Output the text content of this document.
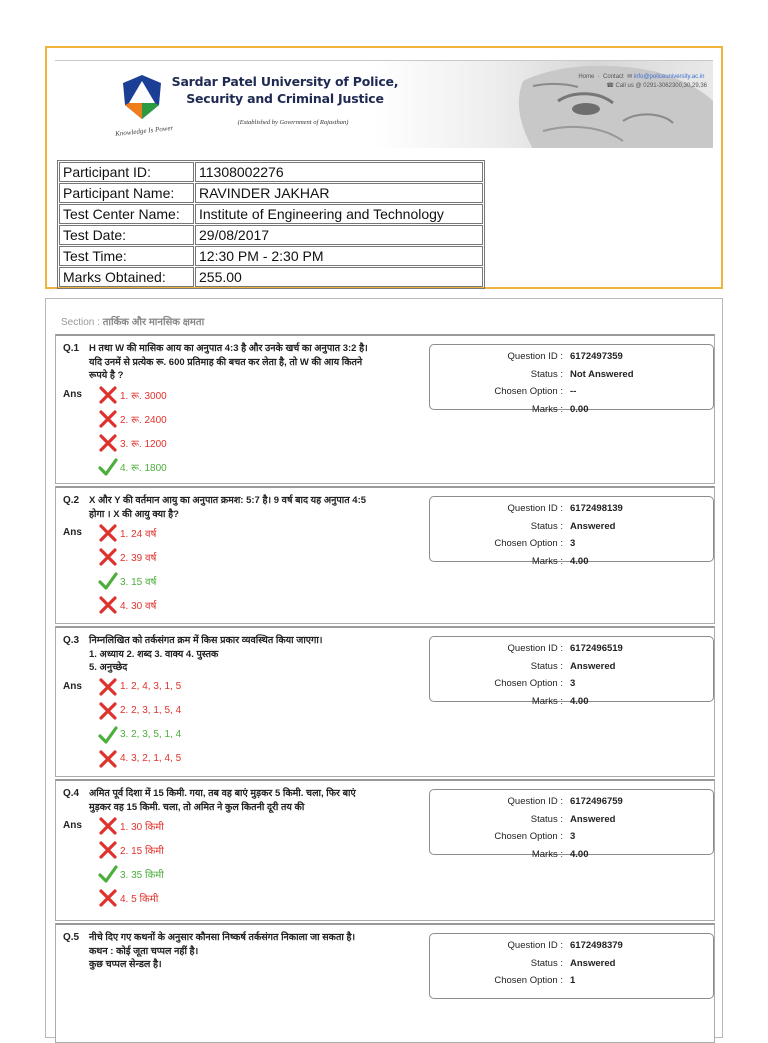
Sardar Patel University of Police,
Security and Criminal Justice
(Established by Government of Rajasthan)
Knowledge Is Power
Home  ·  Contact ✉ info@policeuniversity.ac.in
☎ Call us @ 0291-3062300,30,29,36
Participant ID:	11308002276
Participant Name:	RAVINDER JAKHAR
Test Center Name:	Institute of Engineering and Technology
Test Date:	29/08/2017
Test Time:	12:30 PM - 2:30 PM
Marks Obtained:	255.00
Section : तार्किक और मानसिक क्षमता
Q.1 H तथा W की मासिक आय का अनुपात 4:3 है और उनके खर्च का अनुपात 3:2 है।
यदि उनमें से प्रत्येक रू. 600 प्रतिमाह की बचत कर लेता है, तो W की आय कितने
रूपये है ?
Ans	1. रू. 3000
2. रू. 2400
3. रू. 1200
4. रू. 1800
Question ID : 6172497359
Status : Not Answered
Chosen Option : --
Marks : 0.00
Q.2 X और Y की वर्तमान आयु का अनुपात क्रमश: 5:7 है। 9 वर्ष बाद यह अनुपात 4:5
होगा । X की आयु क्या है?
Ans	1. 24 वर्ष
2. 39 वर्ष
3. 15 वर्ष
4. 30 वर्ष
Question ID : 6172498139
Status : Answered
Chosen Option : 3
Marks : 4.00
Q.3 निम्नलिखित को तर्कसंगत क्रम में किस प्रकार व्यवस्थित किया जाएगा।
1. अध्याय 2. शब्द 3. वाक्य 4. पुस्तक
5. अनुच्छेद
Ans	1. 2, 4, 3, 1, 5
2. 2, 3, 1, 5, 4
3. 2, 3, 5, 1, 4
4. 3, 2, 1, 4, 5
Question ID : 6172496519
Status : Answered
Chosen Option : 3
Marks : 4.00
Q.4 अमित पूर्व दिशा में 15 किमी. गया, तब वह बाएं मुड़कर 5 किमी. चला, फिर बाएं
मुड़कर वह 15 किमी. चला, तो अमित ने कुल कितनी दूरी तय की
Ans	1. 30 किमी
2. 15 किमी
3. 35 किमी
4. 5 किमी
Question ID : 6172496759
Status : Answered
Chosen Option : 3
Marks : 4.00
Q.5 नीचे दिए गए कथनों के अनुसार कौनसा निष्कर्ष तर्कसंगत निकाला जा सकता है।
कथन : कोई जूता चप्पल नहीं है।
कुछ चप्पल सेन्डल है।
Question ID : 6172498379
Status : Answered
Chosen Option : 1
